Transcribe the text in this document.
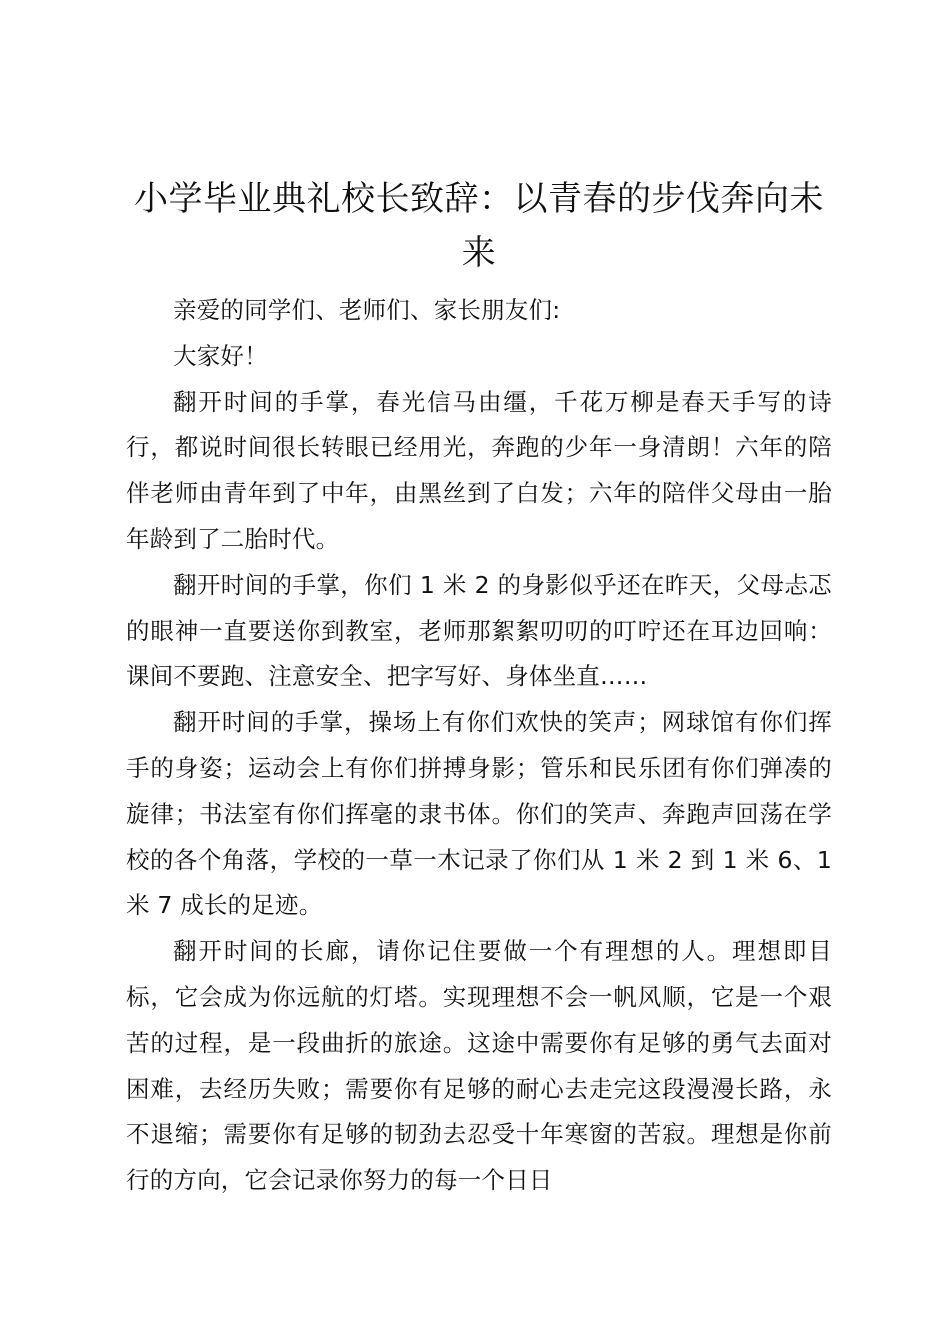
小学毕业典礼校长致辞：以青春的步伐奔向未来

亲爱的同学们、老师们、家长朋友们:

大家好！

翻开时间的手掌，春光信马由缰，千花万柳是春天手写的诗行，都说时间很长转眼已经用光，奔跑的少年一身清朗！六年的陪伴老师由青年到了中年，由黑丝到了白发；六年的陪伴父母由一胎年龄到了二胎时代。

翻开时间的手掌，你们 1 米 2 的身影似乎还在昨天，父母忐忑的眼神一直要送你到教室，老师那絮絮叨叨的叮咛还在耳边回响：课间不要跑、注意安全、把字写好、身体坐直……

翻开时间的手掌，操场上有你们欢快的笑声；网球馆有你们挥手的身姿；运动会上有你们拼搏身影；管乐和民乐团有你们弹凑的旋律；书法室有你们挥毫的隶书体。你们的笑声、奔跑声回荡在学校的各个角落，学校的一草一木记录了你们从 1 米 2 到 1 米 6、1 米 7 成长的足迹。

翻开时间的长廊，请你记住要做一个有理想的人。理想即目标，它会成为你远航的灯塔。实现理想不会一帆风顺，它是一个艰苦的过程，是一段曲折的旅途。这途中需要你有足够的勇气去面对困难，去经历失败；需要你有足够的耐心去走完这段漫漫长路，永不退缩；需要你有足够的韧劲去忍受十年寒窗的苦寂。理想是你前行的方向，它会记录你努力的每一个日日
